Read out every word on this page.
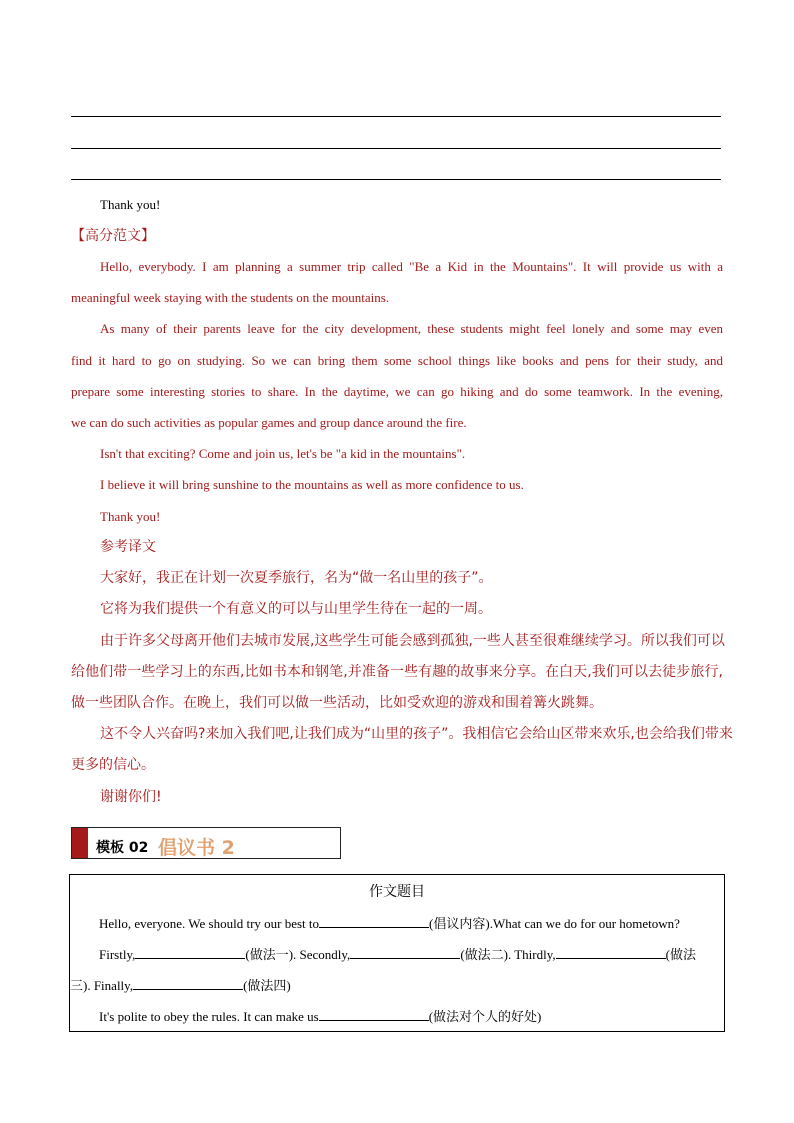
Thank you!
【高分范文】
Hello, everybody. I am planning a summer trip called "Be a Kid in the Mountains". It will provide us with a
meaningful week staying with the students on the mountains.
As many of their parents leave for the city development, these students might feel lonely and some may even
find it hard to go on studying. So we can bring them some school things like books and pens for their study, and
prepare some interesting stories to share. In the daytime, we can go hiking and do some teamwork. In the evening,
we can do such activities as popular games and group dance around the fire.
Isn't that exciting? Come and join us, let's be "a kid in the mountains".
I believe it will bring sunshine to the mountains as well as more confidence to us.
Thank you!
参考译文
大家好，我正在计划一次夏季旅行，名为“做一名山里的孩子”。
它将为我们提供一个有意义的可以与山里学生待在一起的一周。
由于许多父母离开他们去城市发展,这些学生可能会感到孤独,一些人甚至很难继续学习。所以我们可以
给他们带一些学习上的东西,比如书本和钢笔,并准备一些有趣的故事来分享。在白天,我们可以去徒步旅行,
做一些团队合作。在晚上，我们可以做一些活动，比如受欢迎的游戏和围着篝火跳舞。
这不令人兴奋吗?来加入我们吧,让我们成为“山里的孩子”。我相信它会给山区带来欢乐,也会给我们带来
更多的信心。
谢谢你们!
模板 02 倡议书 2
作文题目
Hello, everyone. We should try our best to	(倡议内容).What can we do for our hometown?
Firstly,	(做法一). Secondly,	(做法二). Thirdly,	(做法
三). Finally,	(做法四)
It's polite to obey the rules. It can make us	(做法对个人的好处)
